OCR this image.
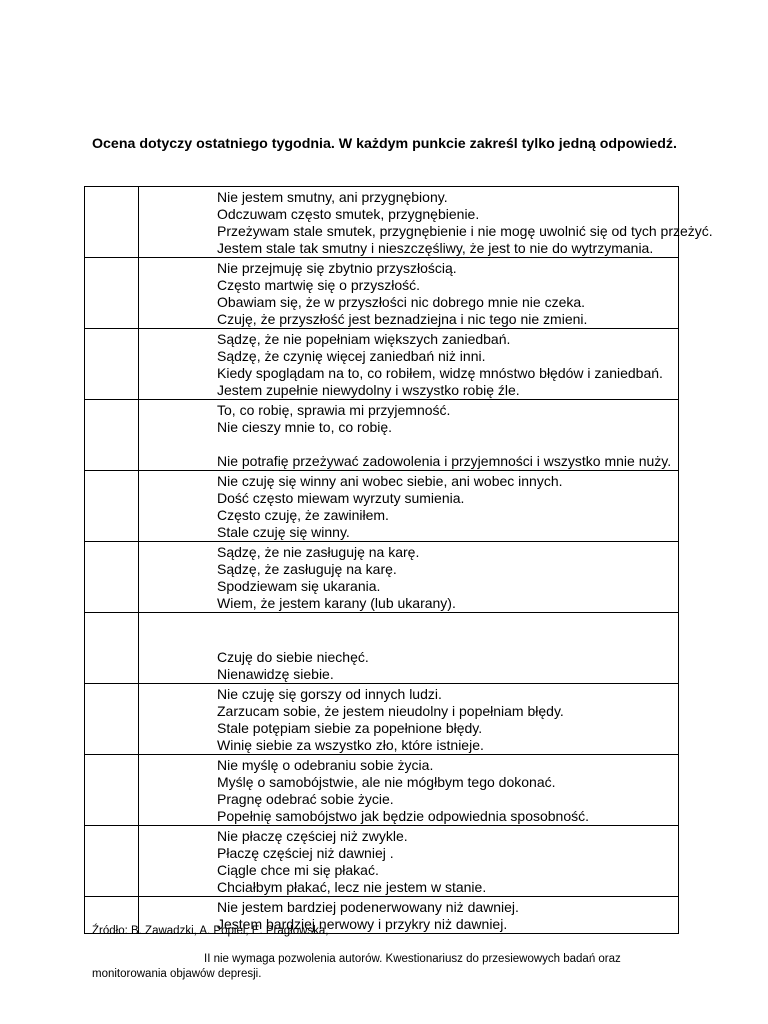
Ocena dotyczy ostatniego tygodnia. W każdym punkcie zakreśl tylko jedną odpowiedź.

	Nie jestem smutny, ani przygnębiony.
Odczuwam często smutek, przygnębienie.
Przeżywam stale smutek, przygnębienie i nie mogę uwolnić się od tych przeżyć.
Jestem stale tak smutny i nieszczęśliwy, że jest to nie do wytrzymania.

	Nie przejmuję się zbytnio przyszłością.
Często martwię się o przyszłość.
Obawiam się, że w przyszłości nic dobrego mnie nie czeka.
Czuję, że przyszłość jest beznadziejna i nic tego nie zmieni.

	Sądzę, że nie popełniam większych zaniedbań.
Sądzę, że czynię więcej zaniedbań niż inni.
Kiedy spoglądam na to, co robiłem, widzę mnóstwo błędów i zaniedbań.
Jestem zupełnie niewydolny i wszystko robię źle.

	To, co robię, sprawia mi przyjemność.
Nie cieszy mnie to, co robię.
Nie potrafię przeżywać zadowolenia i przyjemności i wszystko mnie nuży.

	Nie czuję się winny ani wobec siebie, ani wobec innych.
Dość często miewam wyrzuty sumienia.
Często czuję, że zawiniłem.
Stale czuję się winny.

	Sądzę, że nie zasługuję na karę.
Sądzę, że zasługuję na karę.
Spodziewam się ukarania.
Wiem, że jestem karany (lub ukarany).

	Czuję do siebie niechęć.
Nienawidzę siebie.

	Nie czuję się gorszy od innych ludzi.
Zarzucam sobie, że jestem nieudolny i popełniam błędy.
Stale potępiam siebie za popełnione błędy.
Winię siebie za wszystko zło, które istnieje.

	Nie myślę o odebraniu sobie życia.
Myślę o samobójstwie, ale nie mógłbym tego dokonać.
Pragnę odebrać sobie życie.
Popełnię samobójstwo jak będzie odpowiednia sposobność.

	Nie płaczę częściej niż zwykle.
Płaczę częściej niż dawniej .
Ciągle chce mi się płakać.
Chciałbym płakać, lecz nie jestem w stanie.

	Nie jestem bardziej podenerwowany niż dawniej.
Jestem bardziej nerwowy i przykry niż dawniej.
Źródło: B. Zawadzki, A. Popiel, E. Pragłowska,
II nie wymaga pozwolenia autorów. Kwestionariusz do przesiewowych badań oraz monitorowania objawów depresji.
